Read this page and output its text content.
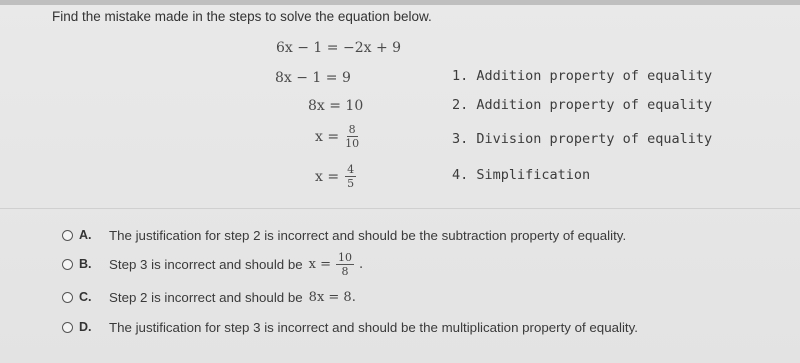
Find the mistake made in the steps to solve the equation below.
6x − 1 = −2x + 9
8x − 1 = 9	1. Addition property of equality
8x = 10	2. Addition property of equality
$x = \frac{8}{10}$	3. Division property of equality
$x = \frac{4}{5}$	4. Simplification
A.	The justification for step 2 is incorrect and should be the subtraction property of equality.
B.	Step 3 is incorrect and should be $x = \frac{10}{8}$ .
C.	Step 2 is incorrect and should be 8x = 8.
D.	The justification for step 3 is incorrect and should be the multiplication property of equality.
